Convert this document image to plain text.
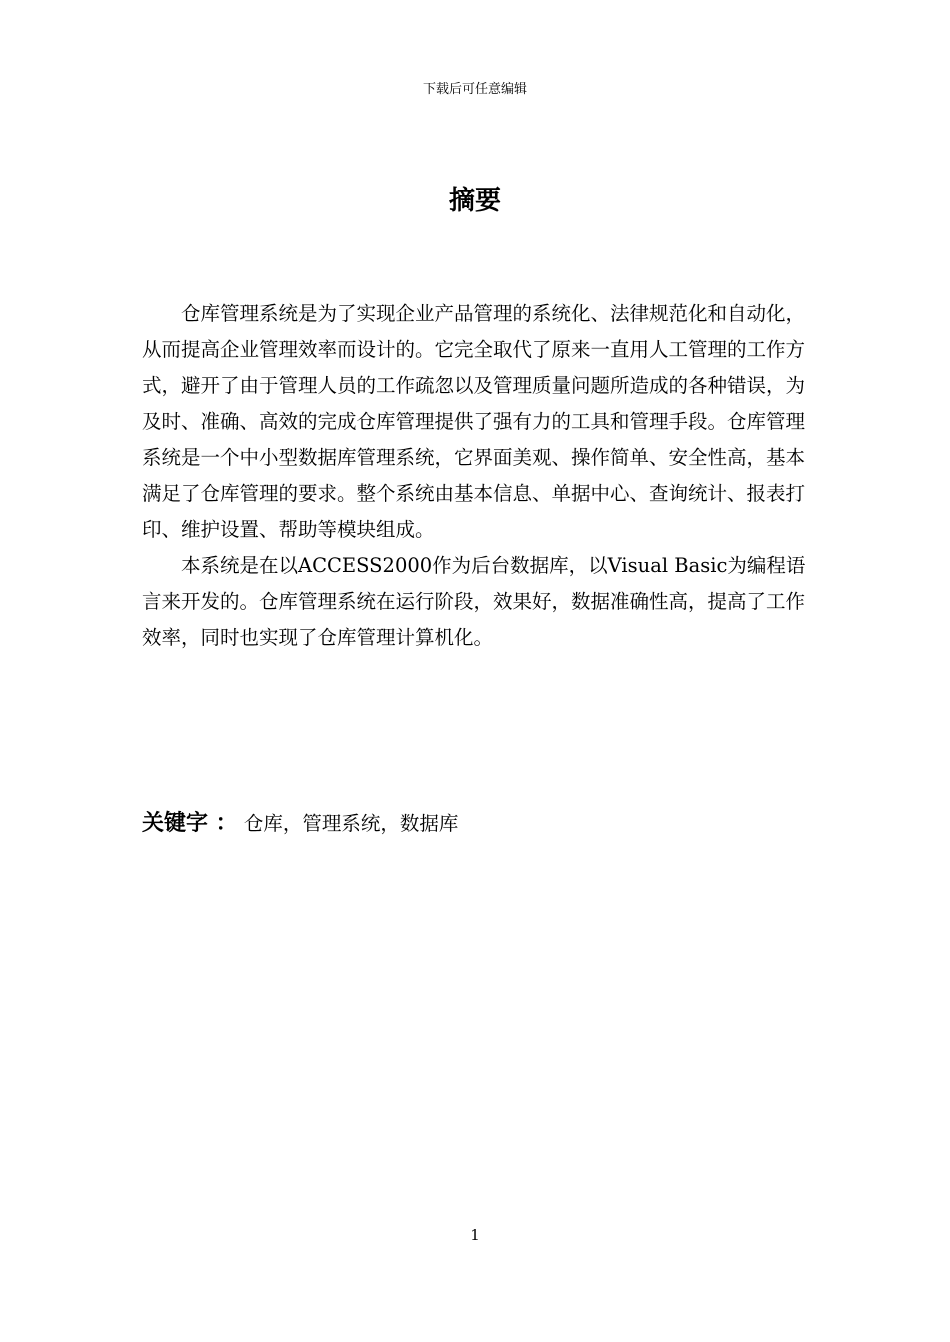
下载后可任意编辑
摘要

仓库管理系统是为了实现企业产品管理的系统化、法律规范化和自动化，从而提高企业管理效率而设计的。它完全取代了原来一直用人工管理的工作方式，避开了由于管理人员的工作疏忽以及管理质量问题所造成的各种错误，为及时、准确、高效的完成仓库管理提供了强有力的工具和管理手段。仓库管理系统是一个中小型数据库管理系统，它界面美观、操作简单、安全性高，基本满足了仓库管理的要求。整个系统由基本信息、单据中心、查询统计、报表打印、维护设置、帮助等模块组成。

本系统是在以ACCESS2000作为后台数据库，以Visual Basic为编程语言来开发的。仓库管理系统在运行阶段，效果好，数据准确性高，提高了工作效率，同时也实现了仓库管理计算机化。

关键字 ： 仓库，管理系统，数据库
1
